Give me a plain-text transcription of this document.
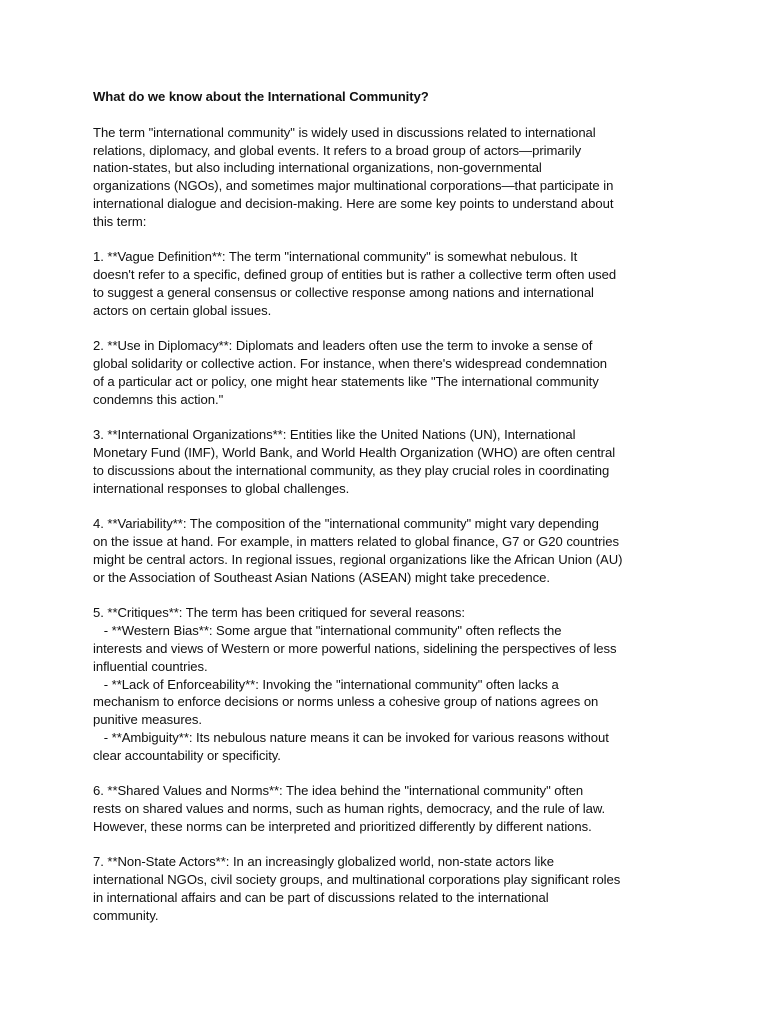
What do we know about the International Community?
The term "international community" is widely used in discussions related to international
relations, diplomacy, and global events. It refers to a broad group of actors—primarily
nation-states, but also including international organizations, non-governmental
organizations (NGOs), and sometimes major multinational corporations—that participate in
international dialogue and decision-making. Here are some key points to understand about
this term:
1. **Vague Definition**: The term "international community" is somewhat nebulous. It
doesn't refer to a specific, defined group of entities but is rather a collective term often used
to suggest a general consensus or collective response among nations and international
actors on certain global issues.
2. **Use in Diplomacy**: Diplomats and leaders often use the term to invoke a sense of
global solidarity or collective action. For instance, when there's widespread condemnation
of a particular act or policy, one might hear statements like "The international community
condemns this action."
3. **International Organizations**: Entities like the United Nations (UN), International
Monetary Fund (IMF), World Bank, and World Health Organization (WHO) are often central
to discussions about the international community, as they play crucial roles in coordinating
international responses to global challenges.
4. **Variability**: The composition of the "international community" might vary depending
on the issue at hand. For example, in matters related to global finance, G7 or G20 countries
might be central actors. In regional issues, regional organizations like the African Union (AU)
or the Association of Southeast Asian Nations (ASEAN) might take precedence.
5. **Critiques**: The term has been critiqued for several reasons:
- **Western Bias**: Some argue that "international community" often reflects the
interests and views of Western or more powerful nations, sidelining the perspectives of less
influential countries.
- **Lack of Enforceability**: Invoking the "international community" often lacks a
mechanism to enforce decisions or norms unless a cohesive group of nations agrees on
punitive measures.
- **Ambiguity**: Its nebulous nature means it can be invoked for various reasons without
clear accountability or specificity.
6. **Shared Values and Norms**: The idea behind the "international community" often
rests on shared values and norms, such as human rights, democracy, and the rule of law.
However, these norms can be interpreted and prioritized differently by different nations.
7. **Non-State Actors**: In an increasingly globalized world, non-state actors like
international NGOs, civil society groups, and multinational corporations play significant roles
in international affairs and can be part of discussions related to the international
community.
